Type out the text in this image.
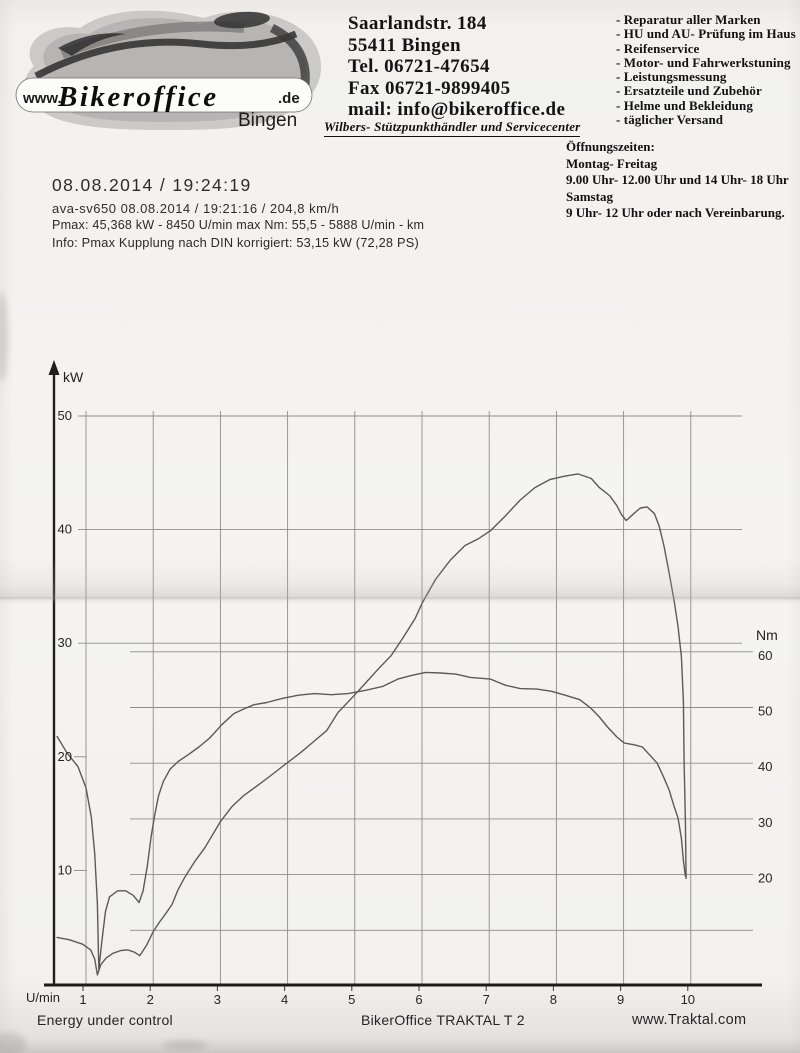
www.
Bikeroffice	.de
Bingen
Saarlandstr. 184
55411 Bingen
Tel. 06721-47654
Fax 06721-9899405
mail: info@bikeroffice.de
Wilbers- Stützpunkthändler und Servicecenter
- Reparatur aller Marken
- HU und AU- Prüfung im Haus
- Reifenservice
- Motor- und Fahrwerkstuning
- Leistungsmessung
- Ersatzteile und Zubehör
- Helme und Bekleidung
- täglicher Versand
Öffnungszeiten:
Montag- Freitag
9.00 Uhr- 12.00 Uhr und 14 Uhr- 18 Uhr
Samstag
9 Uhr- 12 Uhr oder nach Vereinbarung.
08.08.2014 / 19:24:19
ava-sv650 08.08.2014 / 19:21:16 / 204,8 km/h
Pmax: 45,368 kW - 8450 U/min max Nm: 55,5 - 5888 U/min - km
Info: Pmax Kupplung nach DIN korrigiert: 53,15 kW (72,28 PS)
1	2	3	4	5	6	7	8	9	10
50
40
30
20
10
60
50
40
30
20
kW
Nm
U/min
Energy under control	BikerOffice TRAKTAL T 2	www.Traktal.com
